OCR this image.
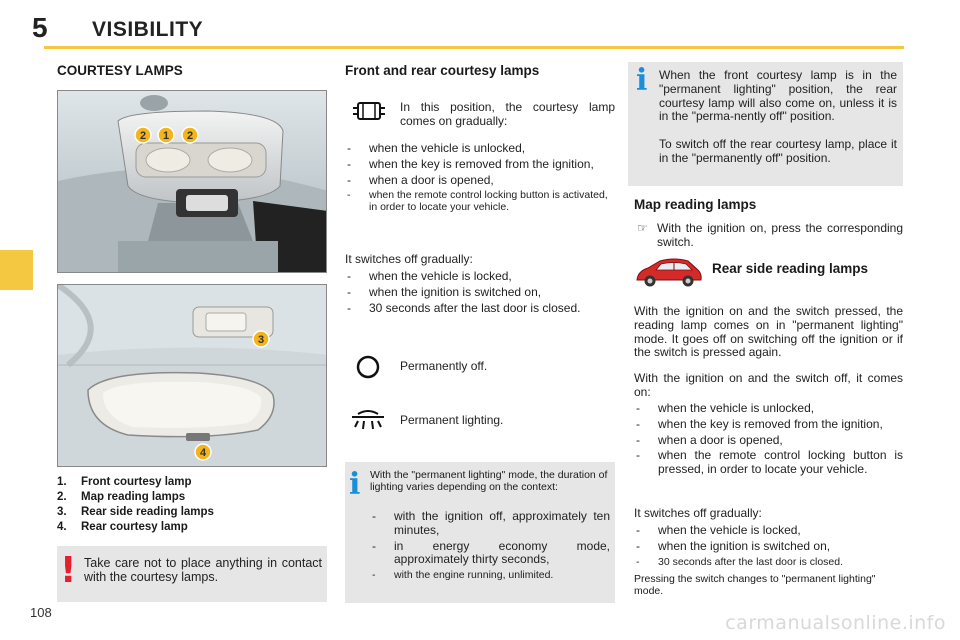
5 VISIBILITY
COURTESY LAMPS
2 1 2
3
4
1. Front courtesy lamp
2. Map reading lamps
3. Rear side reading lamps
4. Rear courtesy lamp
! Take care not to place anything in contact with the courtesy lamps.
Front and rear courtesy lamps
In this position, the courtesy lamp comes on gradually:
- when the vehicle is unlocked,
- when the key is removed from the ignition,
- when a door is opened,
- when the remote control locking button is activated, in order to locate your vehicle.
It switches off gradually:
- when the vehicle is locked,
- when the ignition is switched on,
- 30 seconds after the last door is closed.
Permanently off.
Permanent lighting.
i With the "permanent lighting" mode, the duration of lighting varies depending on the context:
- with the ignition off, approximately ten minutes,
- in energy economy mode, approximately thirty seconds,
- with the engine running, unlimited.
i When the front courtesy lamp is in the "permanent lighting" position, the rear courtesy lamp will also come on, unless it is in the "perma-nently off" position.
To switch off the rear courtesy lamp, place it in the "permanently off" position.
Map reading lamps
☞ With the ignition on, press the corresponding switch.
Rear side reading lamps
With the ignition on and the switch pressed, the reading lamp comes on in "permanent lighting" mode. It goes off on switching off the ignition or if the switch is pressed again.
With the ignition on and the switch off, it comes on:
- when the vehicle is unlocked,
- when the key is removed from the ignition,
- when a door is opened,
- when the remote control locking button is pressed, in order to locate your vehicle.
It switches off gradually:
- when the vehicle is locked,
- when the ignition is switched on,
- 30 seconds after the last door is closed.
Pressing the switch changes to "permanent lighting" mode.
108	carmanualsonline.info
